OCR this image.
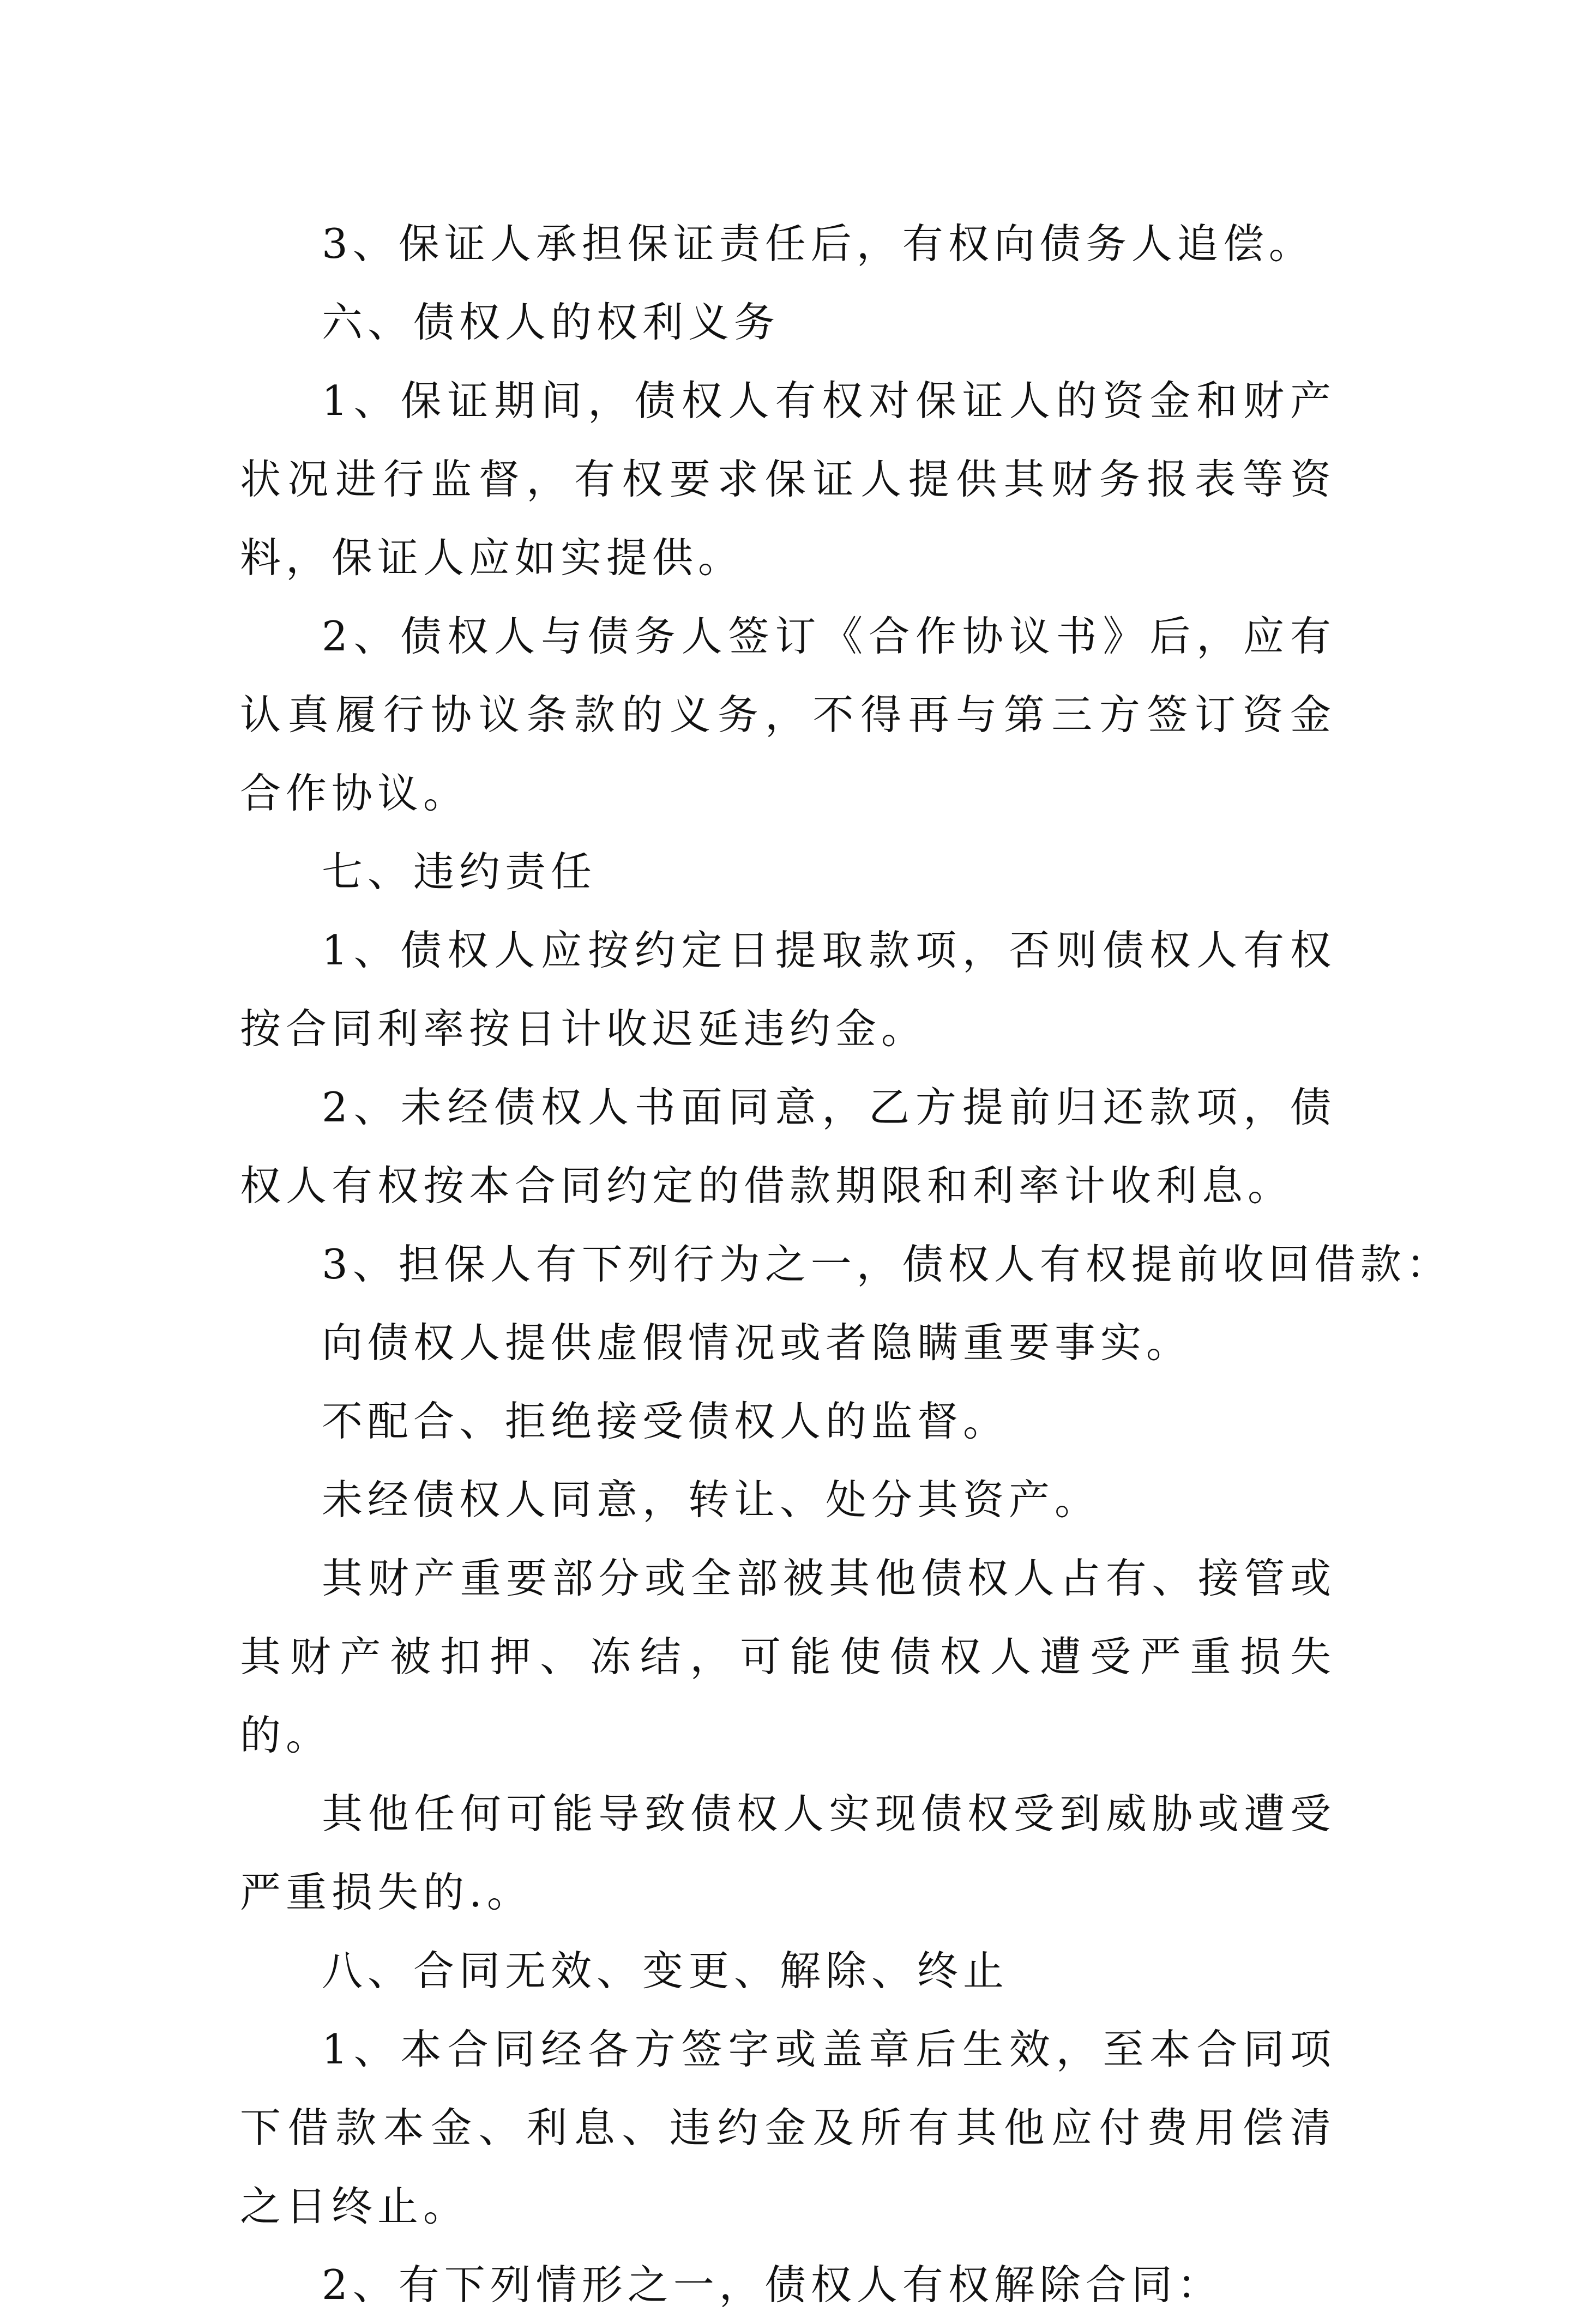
3、保证人承担保证责任后，有权向债务人追偿。

六、债权人的权利义务

1、保证期间，债权人有权对保证人的资金和财产状况进行监督，有权要求保证人提供其财务报表等资料，保证人应如实提供。

2、债权人与债务人签订《合作协议书》后，应有认真履行协议条款的义务，不得再与第三方签订资金合作协议。

七、违约责任

1、债权人应按约定日提取款项，否则债权人有权按合同利率按日计收迟延违约金。

2、未经债权人书面同意，乙方提前归还款项，债权人有权按本合同约定的借款期限和利率计收利息。

3、担保人有下列行为之一，债权人有权提前收回借款：

向债权人提供虚假情况或者隐瞒重要事实。

不配合、拒绝接受债权人的监督。

未经债权人同意，转让、处分其资产。

其财产重要部分或全部被其他债权人占有、接管或其财产被扣押、冻结，可能使债权人遭受严重损失的。

其他任何可能导致债权人实现债权受到威胁或遭受严重损失的.。

八、合同无效、变更、解除、终止

1、本合同经各方签字或盖章后生效，至本合同项下借款本金、利息、违约金及所有其他应付费用偿清之日终止。

2、有下列情形之一，债权人有权解除合同：
